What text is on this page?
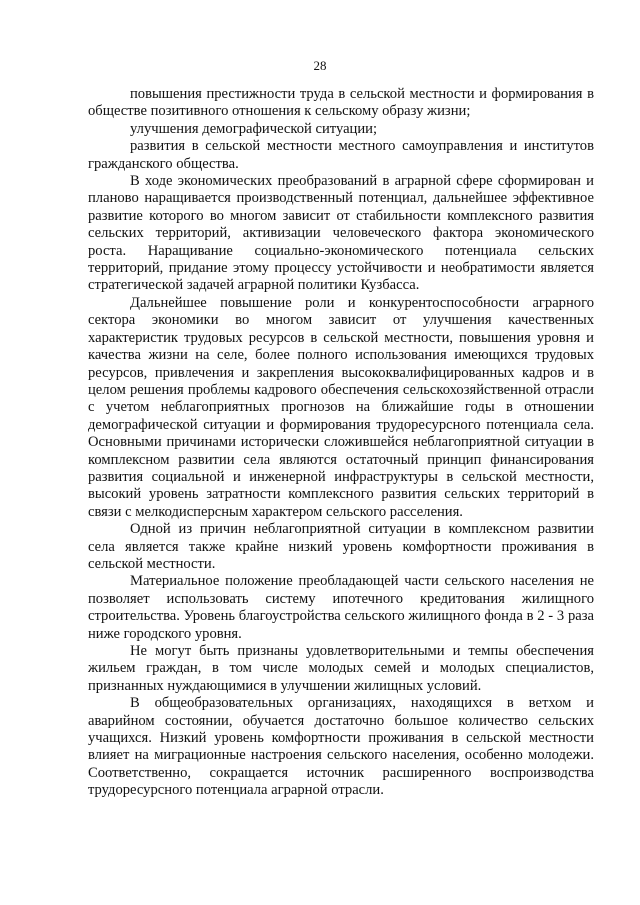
28

повышения престижности труда в сельской местности и формирования в обществе позитивного отношения к сельскому образу жизни;

улучшения демографической ситуации;

развития в сельской местности местного самоуправления и институтов гражданского общества.

В ходе экономических преобразований в аграрной сфере сформирован и планово наращивается производственный потенциал, дальнейшее эффективное развитие которого во многом зависит от стабильности комплексного развития сельских территорий, активизации человеческого фактора экономического роста. Наращивание социально-экономического потенциала сельских территорий, придание этому процессу устойчивости и необратимости является стратегической задачей аграрной политики Кузбасса.

Дальнейшее повышение роли и конкурентоспособности аграрного сектора экономики во многом зависит от улучшения качественных характеристик трудовых ресурсов в сельской местности, повышения уровня и качества жизни на селе, более полного использования имеющихся трудовых ресурсов, привлечения и закрепления высококвалифицированных кадров и в целом решения проблемы кадрового обеспечения сельскохозяйственной отрасли с учетом неблагоприятных прогнозов на ближайшие годы в отношении демографической ситуации и формирования трудоресурсного потенциала села. Основными причинами исторически сложившейся неблагоприятной ситуации в комплексном развитии села являются остаточный принцип финансирования развития социальной и инженерной инфраструктуры в сельской местности, высокий уровень затратности комплексного развития сельских территорий в связи с мелкодисперсным характером сельского расселения.

Одной из причин неблагоприятной ситуации в комплексном развитии села является также крайне низкий уровень комфортности проживания в сельской местности.

Материальное положение преобладающей части сельского населения не позволяет использовать систему ипотечного кредитования жилищного строительства. Уровень благоустройства сельского жилищного фонда в 2 - 3 раза ниже городского уровня.

Не могут быть признаны удовлетворительными и темпы обеспечения жильем граждан, в том числе молодых семей и молодых специалистов, признанных нуждающимися в улучшении жилищных условий.

В общеобразовательных организациях, находящихся в ветхом и аварийном состоянии, обучается достаточно большое количество сельских учащихся. Низкий уровень комфортности проживания в сельской местности влияет на миграционные настроения сельского населения, особенно молодежи. Соответственно, сокращается источник расширенного воспроизводства трудоресурсного потенциала аграрной отрасли.
